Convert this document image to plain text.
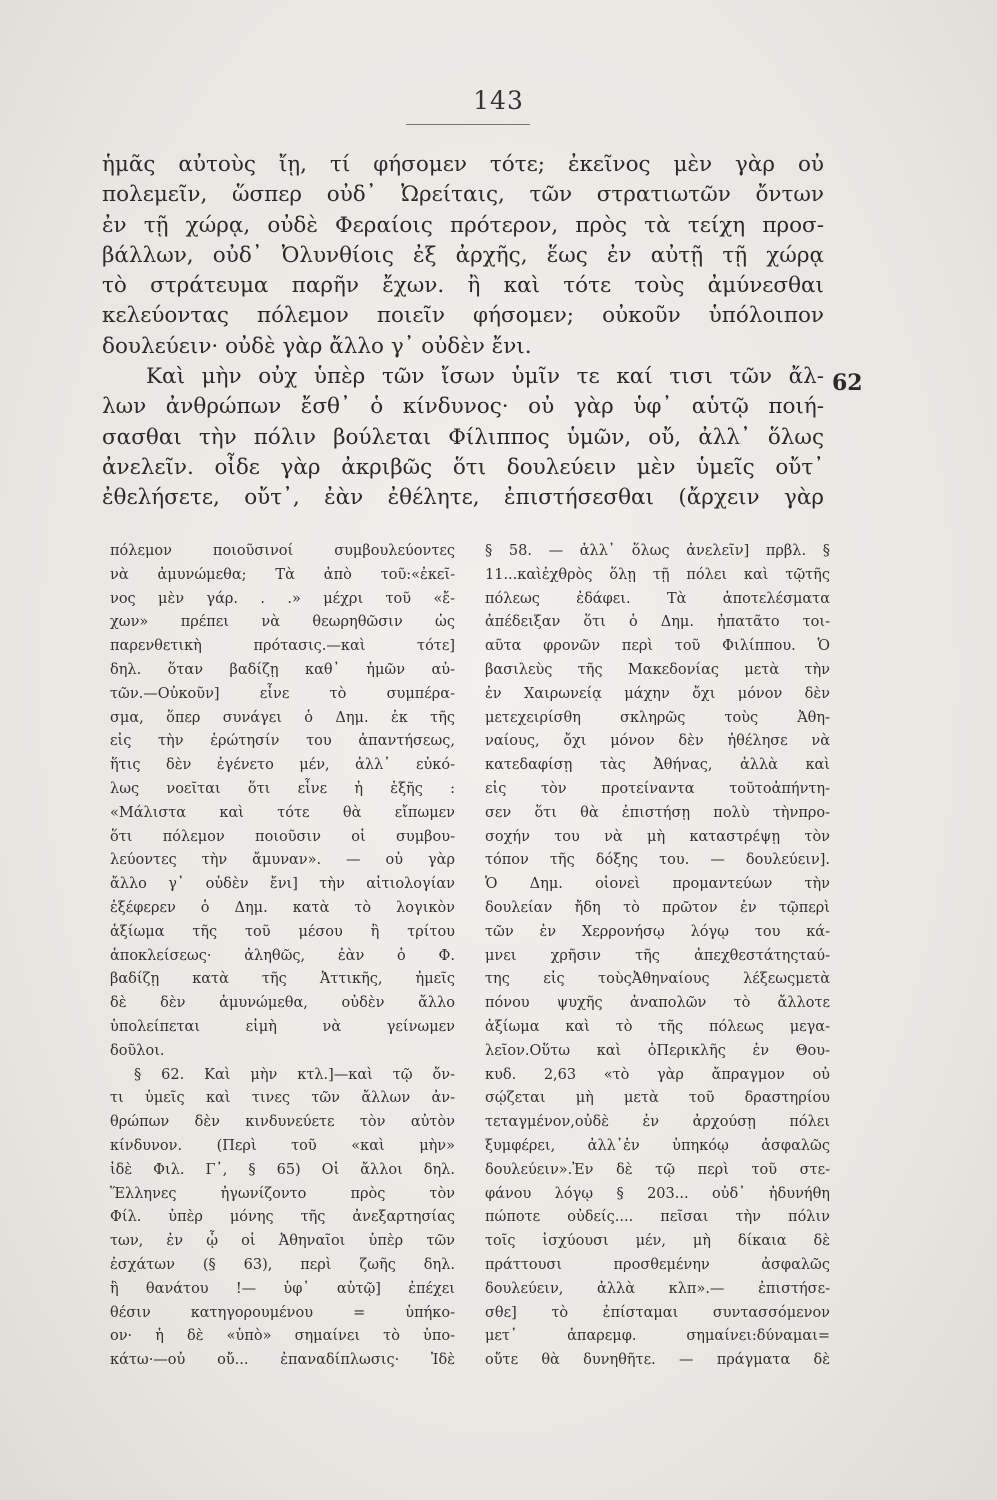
143
ἡμᾶς αὐτοὺς ἴῃ, τί φήσομεν τότε; ἐκεῖνος μὲν γὰρ οὐ
πολεμεῖν, ὥσπερ οὐδ᾽ Ὠρείταις, τῶν στρατιωτῶν ὄντων
ἐν τῇ χώρᾳ, οὐδὲ Φεραίοις πρότερον, πρὸς τὰ τείχη προσ-
βάλλων, οὐδ᾽ Ὀλυνθίοις ἐξ ἀρχῆς, ἕως ἐν αὐτῇ τῇ χώρᾳ
τὸ στράτευμα παρῆν ἔχων. ἢ καὶ τότε τοὺς ἀμύνεσθαι
κελεύοντας πόλεμον ποιεῖν φήσομεν; οὐκοῦν ὑπόλοιπον
δουλεύειν· οὐδὲ γὰρ ἄλλο γ᾽ οὐδὲν ἔνι.
Καὶ μὴν οὐχ ὑπὲρ τῶν ἴσων ὑμῖν τε καί τισι τῶν ἄλ-
λων ἀνθρώπων ἔσθ᾽ ὁ κίνδυνος· οὐ γὰρ ὑφ᾽ αὑτῷ ποιή-
σασθαι τὴν πόλιν βούλεται Φίλιππος ὑμῶν, οὔ, ἀλλ᾽ ὅλως
ἀνελεῖν. οἶδε γὰρ ἀκριβῶς ὅτι δουλεύειν μὲν ὑμεῖς οὔτ᾽
ἐθελήσετε, οὔτ᾽, ἐὰν ἐθέλητε, ἐπιστήσεσθαι (ἄρχειν γὰρ
62
πόλεμον ποιοῦσινοί συμβουλεύοντες
νὰ ἀμυνώμεθα; Τὰ ἀπὸ τοῦ:«ἐκεῖ-
νος μὲν γάρ. . .» μέχρι τοῦ «ἔ-
χων» πρέπει νὰ θεωρηθῶσιν ὡς
παρενθετικὴ πρότασις.—καὶ τότε]
δηλ. ὅταν βαδίζῃ καθ᾽ ἡμῶν αὐ-
τῶν.—Οὐκοῦν] εἶνε τὸ συμπέρα-
σμα, ὅπερ συνάγει ὁ Δημ. ἐκ τῆς
εἰς τὴν ἐρώτησίν του ἀπαντήσεως,
ἥτις δὲν ἐγένετο μέν, ἀλλ᾽ εὐκό-
λως νοεῖται ὅτι εἶνε ἡ ἑξῆς :
«Μάλιστα καὶ τότε θὰ εἴπωμεν
ὅτι πόλεμον ποιοῦσιν οἱ συμβου-
λεύοντες τὴν ἄμυναν». — οὐ γὰρ
ἄλλο γ᾽ οὐδὲν ἔνι] τὴν αἰτιολογίαν
ἐξέφερεν ὁ Δημ. κατὰ τὸ λογικὸν
ἀξίωμα τῆς τοῦ μέσου ἢ τρίτου
ἀποκλείσεως· ἀληθῶς, ἐὰν ὁ Φ.
βαδίζῃ κατὰ τῆς Ἀττικῆς, ἡμεῖς
δὲ δὲν ἀμυνώμεθα, οὐδὲν ἄλλο
ὑπολείπεται εἰμὴ νὰ γείνωμεν
δοῦλοι.
§ 62. Καὶ μὴν κτλ.]—καὶ τῷ ὄν-
τι ὑμεῖς καὶ τινες τῶν ἄλλων ἀν-
θρώπων δὲν κινδυνεύετε τὸν αὐτὸν
κίνδυνον. (Περὶ τοῦ «καὶ μὴν»
ἰδὲ Φιλ. Γ᾽, § 65) Οἱ ἄλλοι δηλ.
Ἕλληνες ἠγωνίζοντο πρὸς τὸν
Φίλ. ὑπὲρ μόνης τῆς ἀνεξαρτησίας
των, ἐν ᾧ οἱ Ἀθηναῖοι ὑπὲρ τῶν
ἐσχάτων (§ 63), περὶ ζωῆς δηλ.
ἢ θανάτου !— ὑφ᾽ αὑτῷ] ἐπέχει
θέσιν κατηγορουμένου = ὑπήκο-
ον· ἡ δὲ «ὑπὸ» σημαίνει τὸ ὑπο-
κάτω·—οὐ οὔ... ἐπαναδίπλωσις· Ἰδὲ
§ 58. — ἀλλ᾽ ὅλως ἀνελεῖν] πρβλ. §
11...καὶἐχθρὸς ὅλῃ τῇ πόλει καὶ τῷτῆς
πόλεως ἐδάφει. Τὰ ἀποτελέσματα
ἀπέδειξαν ὅτι ὁ Δημ. ἠπατᾶτο τοι-
αῦτα φρονῶν περὶ τοῦ Φιλίππου. Ὁ
βασιλεὺς τῆς Μακεδονίας μετὰ τὴν
ἐν Χαιρωνείᾳ μάχην ὄχι μόνον δὲν
μετεχειρίσθη σκληρῶς τοὺς Ἀθη-
ναίους, ὄχι μόνον δὲν ἠθέλησε νὰ
κατεδαφίσῃ τὰς Ἀθήνας, ἀλλὰ καὶ
εἰς τὸν προτείναντα τοῦτοἀπήντη-
σεν ὅτι θὰ ἐπιστήσῃ πολὺ τὴνπρο-
σοχήν του νὰ μὴ καταστρέψῃ τὸν
τόπον τῆς δόξης του. — δουλεύειν].
Ὁ Δημ. οἱονεὶ προμαντεύων τὴν
δουλείαν ἤδη τὸ πρῶτον ἐν τῷπερὶ
τῶν ἐν Χερρονήσῳ λόγῳ του κά-
μνει χρῆσιν τῆς ἀπεχθεστάτηςταύ-
της εἰς τοὺςἈθηναίους λέξεωςμετὰ
πόνου ψυχῆς ἀναπολῶν τὸ ἄλλοτε
ἀξίωμα καὶ τὸ τῆς πόλεως μεγα-
λεῖον.Οὕτω καὶ ὁΠερικλῆς ἐν Θου-
κυδ. 2,63 «τὸ γὰρ ἄπραγμον οὐ
σῴζεται μὴ μετὰ τοῦ δραστηρίου
τεταγμένον,οὐδὲ ἐν ἀρχούσῃ πόλει
ξυμφέρει, ἀλλ᾽ἐν ὑπηκόῳ ἀσφαλῶς
δουλεύειν».Ἐν δὲ τῷ περὶ τοῦ στε-
φάνου λόγῳ § 203... οὐδ᾽ ἠδυνήθη
πώποτε οὐδείς.... πεῖσαι τὴν πόλιν
τοῖς ἰσχύουσι μέν, μὴ δίκαια δὲ
πράττουσι προσθεμένην ἀσφαλῶς
δουλεύειν, ἀλλὰ κλπ».— ἐπιστήσε-
σθε] τὸ ἐπίσταμαι συντασσόμενον
μετ᾽ ἀπαρεμφ. σημαίνει:δύναμαι=
οὔτε θὰ δυνηθῆτε. — πράγματα δὲ
